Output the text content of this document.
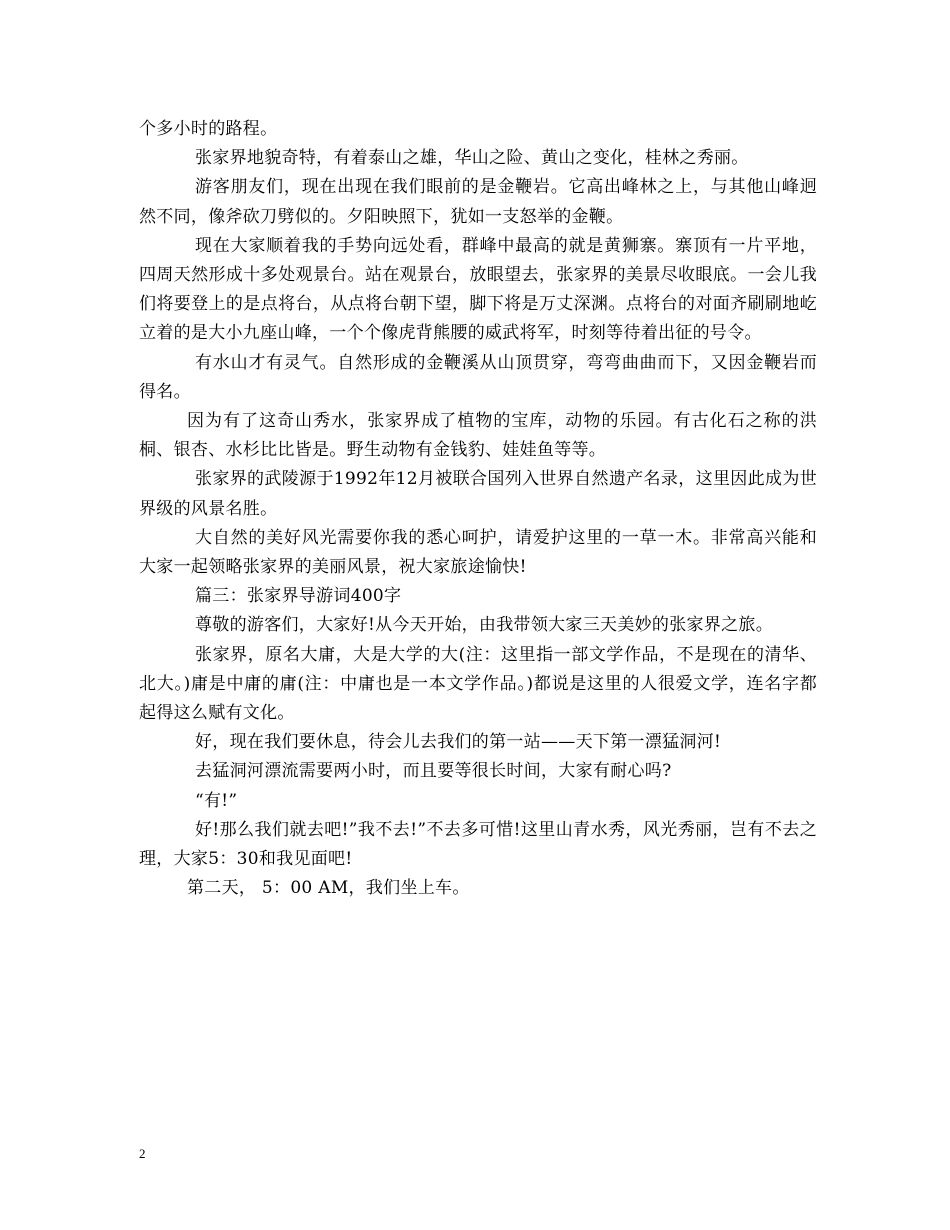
个多小时的路程。

张家界地貌奇特，有着泰山之雄，华山之险、黄山之变化，桂林之秀丽。

游客朋友们，现在出现在我们眼前的是金鞭岩。它高出峰林之上，与其他山峰迥然不同，像斧砍刀劈似的。夕阳映照下，犹如一支怒举的金鞭。

现在大家顺着我的手势向远处看，群峰中最高的就是黄狮寨。寨顶有一片平地，四周天然形成十多处观景台。站在观景台，放眼望去，张家界的美景尽收眼底。一会儿我们将要登上的是点将台，从点将台朝下望，脚下将是万丈深渊。点将台的对面齐刷刷地屹立着的是大小九座山峰，一个个像虎背熊腰的威武将军，时刻等待着出征的号令。

有水山才有灵气。自然形成的金鞭溪从山顶贯穿，弯弯曲曲而下，又因金鞭岩而得名。

因为有了这奇山秀水，张家界成了植物的宝库，动物的乐园。有古化石之称的洪桐、银杏、水杉比比皆是。野生动物有金钱豹、娃娃鱼等等。

张家界的武陵源于1992年12月被联合国列入世界自然遗产名录，这里因此成为世界级的风景名胜。

大自然的美好风光需要你我的悉心呵护，请爱护这里的一草一木。非常高兴能和大家一起领略张家界的美丽风景，祝大家旅途愉快!

篇三：张家界导游词400字

尊敬的游客们，大家好!从今天开始，由我带领大家三天美妙的张家界之旅。

张家界，原名大庸，大是大学的大(注：这里指一部文学作品，不是现在的清华、北大。)庸是中庸的庸(注：中庸也是一本文学作品。)都说是这里的人很爱文学，连名字都起得这么赋有文化。

好，现在我们要休息，待会儿去我们的第一站——天下第一漂猛洞河!

去猛洞河漂流需要两小时，而且要等很长时间，大家有耐心吗?

“有!”

好!那么我们就去吧!”我不去!”不去多可惜!这里山青水秀，风光秀丽，岂有不去之理，大家5：30和我见面吧!

第二天， 5：00 AM，我们坐上车。

2
